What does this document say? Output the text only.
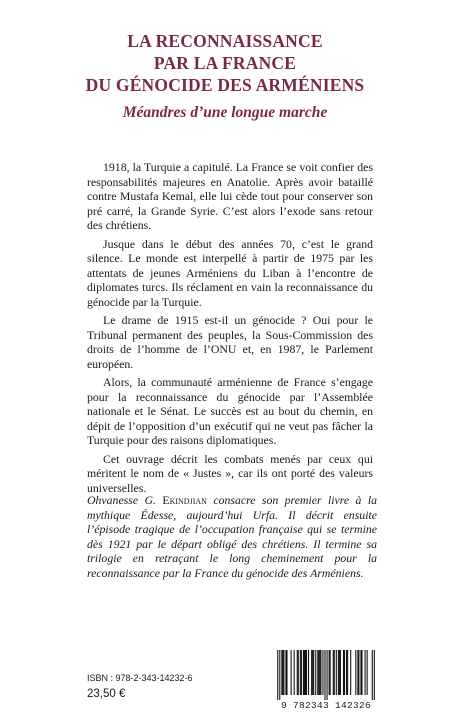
LA RECONNAISSANCE
PAR LA FRANCE
DU GÉNOCIDE DES ARMÉNIENS
Méandres d’une longue marche

1918, la Turquie a capitulé. La France se voit confier des responsabilités majeures en Anatolie. Après avoir bataillé contre Mustafa Kemal, elle lui cède tout pour conserver son pré carré, la Grande Syrie. C’est alors l’exode sans retour des chrétiens.

Jusque dans le début des années 70, c’est le grand silence. Le monde est interpellé à partir de 1975 par les attentats de jeunes Arméniens du Liban à l’encontre de diplomates turcs. Ils réclament en vain la reconnaissance du génocide par la Turquie.

Le drame de 1915 est-il un génocide ? Oui pour le Tribunal permanent des peuples, la Sous-Commission des droits de l’homme de l’ONU et, en 1987, le Parlement européen.

Alors, la communauté arménienne de France s’engage pour la reconnaissance du génocide par l’Assemblée nationale et le Sénat. Le succès est au bout du chemin, en dépit de l’opposition d’un exécutif qui ne veut pas fâcher la Turquie pour des raisons diplomatiques.

Cet ouvrage décrit les combats menés par ceux qui méritent le nom de « Justes », car ils ont porté des valeurs universelles.

Ohvanesse G. Ekindjian consacre son premier livre à la mythique Édesse, aujourd’hui Urfa. Il décrit ensuite l’épisode tragique de l’occupation française qui se termine dès 1921 par le départ obligé des chrétiens. Il termine sa trilogie en retraçant le long cheminement pour la reconnaissance par la France du génocide des Arméniens.

ISBN : 978-2-343-14232-6
23,50 €
9 782343 142326
